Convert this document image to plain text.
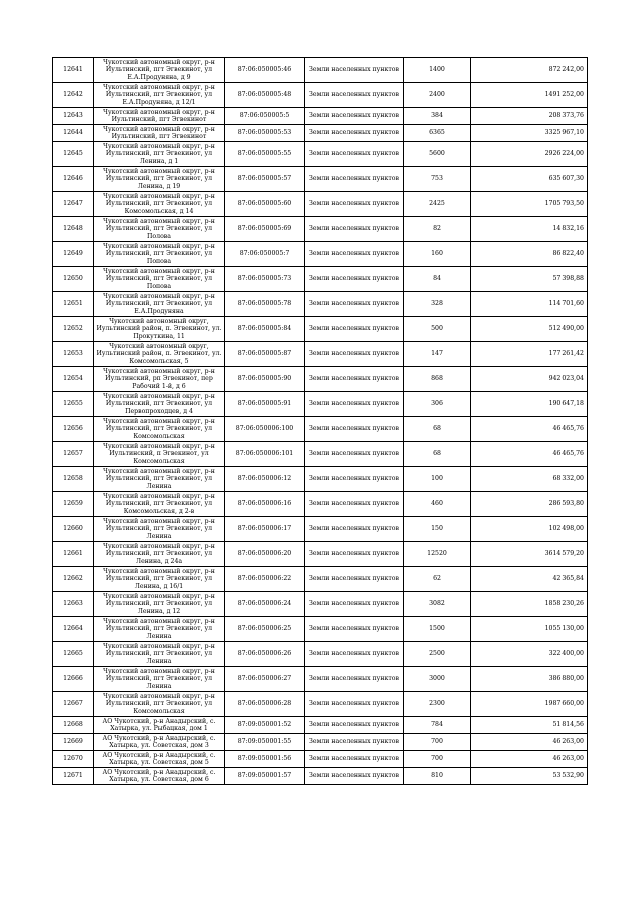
12641	Чукотский автономный округ, р-н Иультинский, пгт Эгвекинот, ул Е.А.Продуняна, д 9	87:06:050005:46	Земли населенных пунктов	1400	872 242,00
12642	Чукотский автономный округ, р-н Иультинский, пгт Эгвекинот, ул Е.А.Продуняна, д 12/1	87:06:050005:48	Земли населенных пунктов	2400	1491 252,00
12643	Чукотский автономный округ, р-н Иультинский, пгт Эгвекинот	87:06:050005:5	Земли населенных пунктов	384	208 373,76
12644	Чукотский автономный округ, р-н Иультинский, пгт Эгвекинот	87:06:050005:53	Земли населенных пунктов	6365	3325 967,10
12645	Чукотский автономный округ, р-н Иультинский, пгт Эгвекинот, ул Ленина, д 1	87:06:050005:55	Земли населенных пунктов	5600	2926 224,00
12646	Чукотский автономный округ, р-н Иультинский, пгт Эгвекинот, ул Ленина, д 19	87:06:050005:57	Земли населенных пунктов	753	635 607,30
12647	Чукотский автономный округ, р-н Иультинский, пгт Эгвекинот, ул Комсомольская, д 14	87:06:050005:60	Земли населенных пунктов	2425	1705 793,50
12648	Чукотский автономный округ, р-н Иультинский, пгт Эгвекинот, ул Полова	87:06:050005:69	Земли населенных пунктов	82	14 832,16
12649	Чукотский автономный округ, р-н Иультинский, пгт Эгвекинот, ул Попова	87:06:050005:7	Земли населенных пунктов	160	86 822,40
12650	Чукотский автономный округ, р-н Иультинский, пгт Эгвекинот, ул Попова	87:06:050005:73	Земли населенных пунктов	84	57 398,88
12651	Чукотский автономный округ, р-н Иультинский, пгт Эгвекинот, ул Е.А.Продуняна	87:06:050005:78	Земли населенных пунктов	328	114 701,60
12652	Чукотский автономный округ, Иультинский район, п. Эгвекинот, ул. Прокуткина, 11	87:06:050005:84	Земли населенных пунктов	500	512 490,00
12653	Чукотский автономный округ, Иультинский район, п. Эгвекинот, ул. Комсомольская, 5	87:06:050005:87	Земли населенных пунктов	147	177 261,42
12654	Чукотский автономный округ, р-н Иультинский, рп Эгвекинот, пер Рабочий 1-й, д 6	87:06:050005:90	Земли населенных пунктов	868	942 023,04
12655	Чукотский автономный округ, р-н Иультинский, пгт Эгвекинот, ул Первопроходцев, д 4	87:06:050005:91	Земли населенных пунктов	306	190 647,18
12656	Чукотский автономный округ, р-н Иультинский, пгт Эгвекинот, ул Комсомольская	87:06:050006:100	Земли населенных пунктов	68	46 465,76
12657	Чукотский автономный округ, р-н Иультинский, п Эгвекинот, ул Комсомольская	87:06:050006:101	Земли населенных пунктов	68	46 465,76
12658	Чукотский автономный округ, р-н Иультинский, пгт Эгвекинот, ул Ленина	87:06:050006:12	Земли населенных пунктов	100	68 332,00
12659	Чукотский автономный округ, р-н Иультинский, пгт Эгвекинот, ул Комсомольская, д 2-в	87:06:050006:16	Земли населенных пунктов	460	286 593,80
12660	Чукотский автономный округ, р-н Иультинский, пгт Эгвекинот, ул Ленина	87:06:050006:17	Земли населенных пунктов	150	102 498,00
12661	Чукотский автономный округ, р-н Иультинский, пгт Эгвекинот, ул Ленина, д 24а	87:06:050006:20	Земли населенных пунктов	12520	3614 579,20
12662	Чукотский автономный округ, р-н Иультинский, пгт Эгвекинот, ул Ленина, д 16/1	87:06:050006:22	Земли населенных пунктов	62	42 365,84
12663	Чукотский автономный округ, р-н Иультинский, пгт Эгвекинот, ул Ленина, д 12	87:06:050006:24	Земли населенных пунктов	3082	1858 230,26
12664	Чукотский автономный округ, р-н Иультинский, пгт Эгвекинот, ул Ленина	87:06:050006:25	Земли населенных пунктов	1500	1055 130,00
12665	Чукотский автономный округ, р-н Иультинский, пгт Эгвекинот, ул Ленина	87:06:050006:26	Земли населенных пунктов	2500	322 400,00
12666	Чукотский автономный округ, р-н Иультинский, пгт Эгвекинот, ул Ленина	87:06:050006:27	Земли населенных пунктов	3000	386 880,00
12667	Чукотский автономный округ, р-н Иультинский, пгт Эгвекинот, ул Комсомольская	87:06:050006:28	Земли населенных пунктов	2300	1987 660,00
12668	АО Чукотский, р-н Анадырский, с. Хатырка, ул. Рыбацкая, дом 1	87:09:050001:52	Земли населенных пунктов	784	51 814,56
12669	АО Чукотский, р-н Анадырский, с. Хатырка, ул. Советская, дом 3	87:09:050001:55	Земли населенных пунктов	700	46 263,00
12670	АО Чукотский, р-н Анадырский, с. Хатырка, ул. Советская, дом 5	87:09:050001:56	Земли населенных пунктов	700	46 263,00
12671	АО Чукотский, р-н Анадырский, с. Хатырка, ул. Советская, дом 6	87:09:050001:57	Земли населенных пунктов	810	53 532,90
